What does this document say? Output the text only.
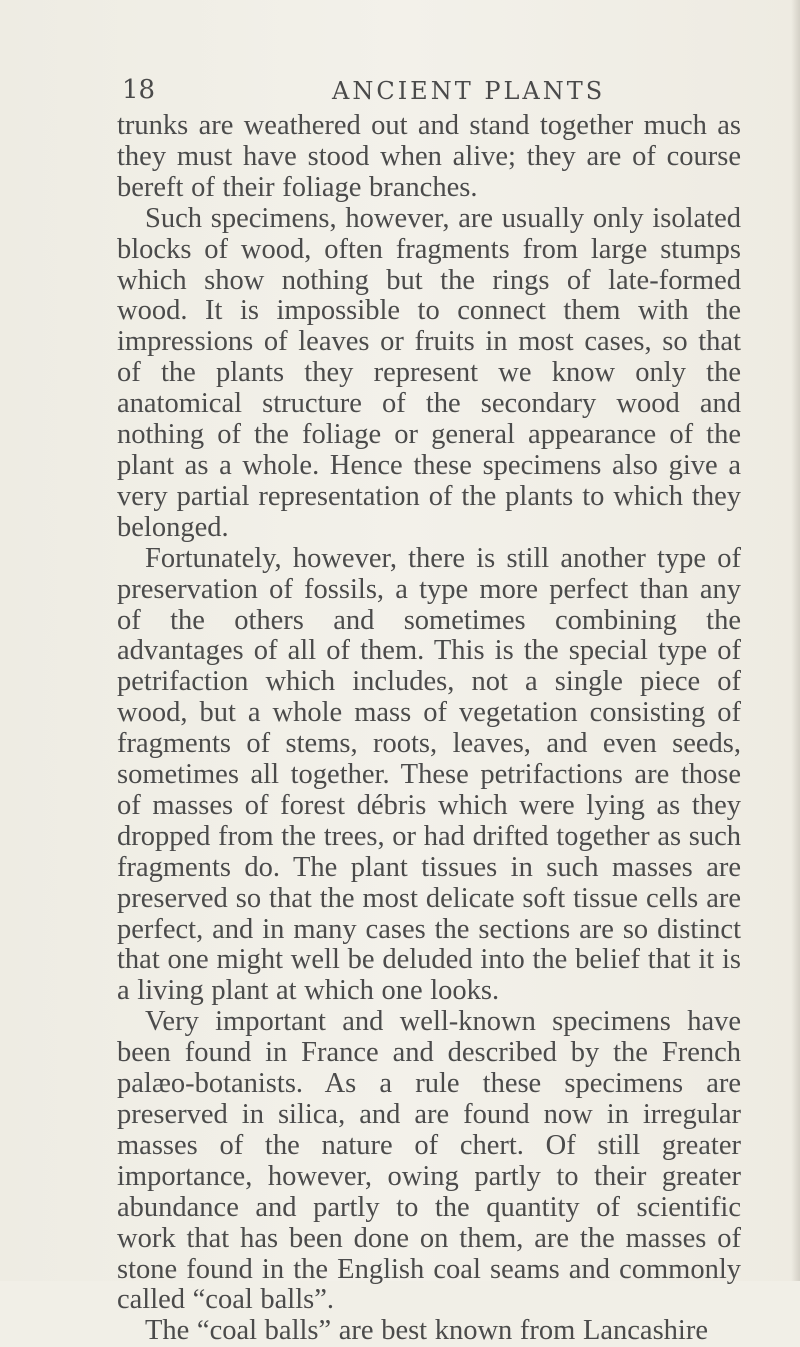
18	ANCIENT PLANTS

trunks are weathered out and stand together much as they must have stood when alive; they are of course bereft of their foliage branches.

Such specimens, however, are usually only isolated blocks of wood, often fragments from large stumps which show nothing but the rings of late-formed wood. It is impossible to connect them with the impressions of leaves or fruits in most cases, so that of the plants they represent we know only the anatomical structure of the secondary wood and nothing of the foliage or general appearance of the plant as a whole. Hence these specimens also give a very partial representation of the plants to which they belonged.

Fortunately, however, there is still another type of preservation of fossils, a type more perfect than any of the others and sometimes combining the advantages of all of them. This is the special type of petrifaction which includes, not a single piece of wood, but a whole mass of vegetation consisting of fragments of stems, roots, leaves, and even seeds, sometimes all together. These petrifactions are those of masses of forest débris which were lying as they dropped from the trees, or had drifted together as such fragments do. The plant tissues in such masses are preserved so that the most delicate soft tissue cells are perfect, and in many cases the sections are so distinct that one might well be deluded into the belief that it is a living plant at which one looks.

Very important and well-known specimens have been found in France and described by the French palæo-botanists. As a rule these specimens are preserved in silica, and are found now in irregular masses of the nature of chert. Of still greater importance, however, owing partly to their greater abundance and partly to the quantity of scientific work that has been done on them, are the masses of stone found in the English coal seams and commonly called “coal balls”.

The “coal balls” are best known from Lancashire
